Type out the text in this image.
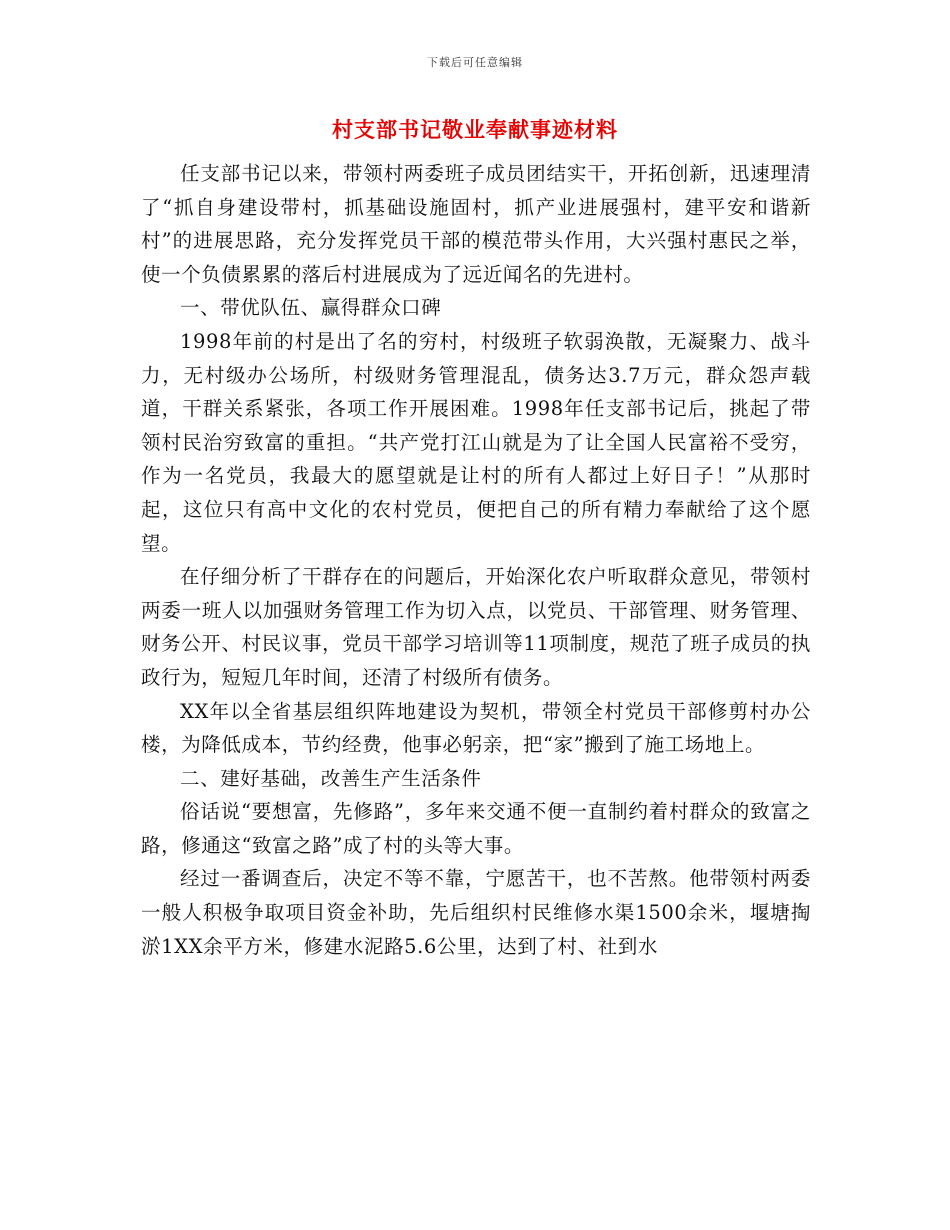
下载后可任意编辑
村支部书记敬业奉献事迹材料

任支部书记以来，带领村两委班子成员团结实干，开拓创新，迅速理清了“抓自身建设带村，抓基础设施固村，抓产业进展强村，建平安和谐新村”的进展思路，充分发挥党员干部的模范带头作用，大兴强村惠民之举，使一个负债累累的落后村进展成为了远近闻名的先进村。

一、带优队伍、赢得群众口碑

1998年前的村是出了名的穷村，村级班子软弱涣散，无凝聚力、战斗力，无村级办公场所，村级财务管理混乱，债务达3.7万元，群众怨声载道，干群关系紧张，各项工作开展困难。1998年任支部书记后，挑起了带领村民治穷致富的重担。“共产党打江山就是为了让全国人民富裕不受穷，作为一名党员，我最大的愿望就是让村的所有人都过上好日子！”从那时起，这位只有高中文化的农村党员，便把自己的所有精力奉献给了这个愿望。

在仔细分析了干群存在的问题后，开始深化农户听取群众意见，带领村两委一班人以加强财务管理工作为切入点，以党员、干部管理、财务管理、财务公开、村民议事，党员干部学习培训等11项制度，规范了班子成员的执政行为，短短几年时间，还清了村级所有债务。

XX年以全省基层组织阵地建设为契机，带领全村党员干部修剪村办公楼，为降低成本，节约经费，他事必躬亲，把“家”搬到了施工场地上。

二、建好基础，改善生产生活条件

俗话说“要想富，先修路”，多年来交通不便一直制约着村群众的致富之路，修通这“致富之路”成了村的头等大事。

经过一番调查后，决定不等不靠，宁愿苦干，也不苦熬。他带领村两委一般人积极争取项目资金补助，先后组织村民维修水渠1500余米，堰塘掏淤1XX余平方米，修建水泥路5.6公里，达到了村、社到水
